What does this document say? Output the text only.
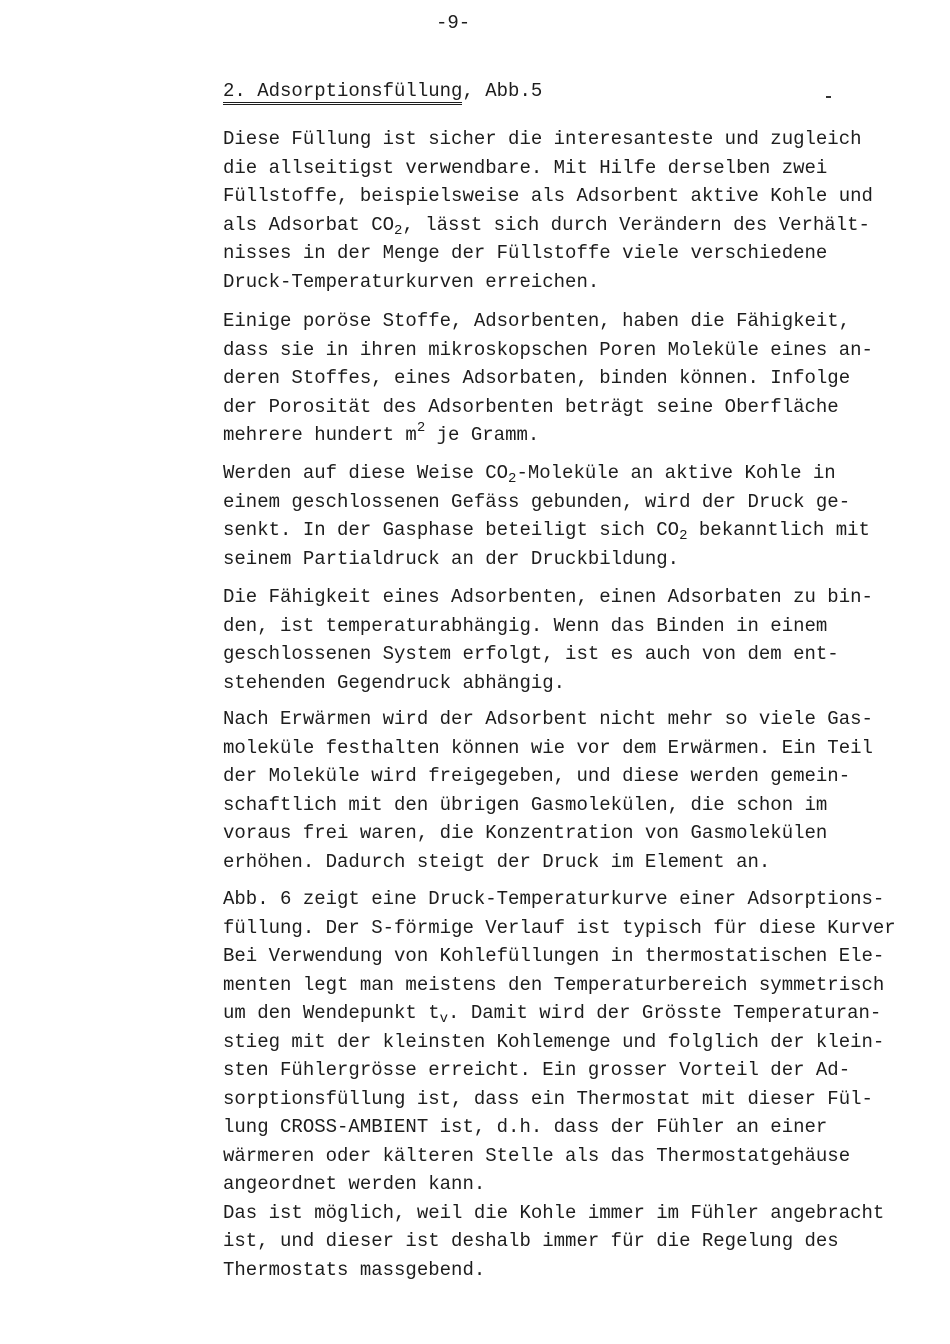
-9-
2. Adsorptionsfüllung, Abb.5
Diese Füllung ist sicher die interesanteste und zugleich
die allseitigst verwendbare. Mit Hilfe derselben zwei
Füllstoffe, beispielsweise als Adsorbent aktive Kohle und
als Adsorbat $CO_2$, lässt sich durch Verändern des Verhält-
nisses in der Menge der Füllstoffe viele verschiedene
Druck-Temperaturkurven erreichen.
Einige poröse Stoffe, Adsorbenten, haben die Fähigkeit,
dass sie in ihren mikroskopschen Poren Moleküle eines an-
deren Stoffes, eines Adsorbaten, binden können. Infolge
der Porosität des Adsorbenten beträgt seine Oberfläche
mehrere hundert $m^2$ je Gramm.
Werden auf diese Weise $CO_2$-Moleküle an aktive Kohle in
einem geschlossenen Gefäss gebunden, wird der Druck ge-
senkt. In der Gasphase beteiligt sich $CO_2$ bekanntlich mit
seinem Partialdruck an der Druckbildung.
Die Fähigkeit eines Adsorbenten, einen Adsorbaten zu bin-
den, ist temperaturabhängig. Wenn das Binden in einem
geschlossenen System erfolgt, ist es auch von dem ent-
stehenden Gegendruck abhängig.
Nach Erwärmen wird der Adsorbent nicht mehr so viele Gas-
moleküle festhalten können wie vor dem Erwärmen. Ein Teil
der Moleküle wird freigegeben, und diese werden gemein-
schaftlich mit den übrigen Gasmolekülen, die schon im
voraus frei waren, die Konzentration von Gasmolekülen
erhöhen. Dadurch steigt der Druck im Element an.
Abb. 6 zeigt eine Druck-Temperaturkurve einer Adsorptions-
füllung. Der S-förmige Verlauf ist typisch für diese Kurver
Bei Verwendung von Kohlefüllungen in thermostatischen Ele-
menten legt man meistens den Temperaturbereich symmetrisch
um den Wendepunkt $t_v$. Damit wird der Grösste Temperaturan-
stieg mit der kleinsten Kohlemenge und folglich der klein-
sten Fühlergrösse erreicht. Ein grosser Vorteil der Ad-
sorptionsfüllung ist, dass ein Thermostat mit dieser Fül-
lung CROSS-AMBIENT ist, d.h. dass der Fühler an einer
wärmeren oder kälteren Stelle als das Thermostatgehäuse
angeordnet werden kann.
Das ist möglich, weil die Kohle immer im Fühler angebracht
ist, und dieser ist deshalb immer für die Regelung des
Thermostats massgebend.
